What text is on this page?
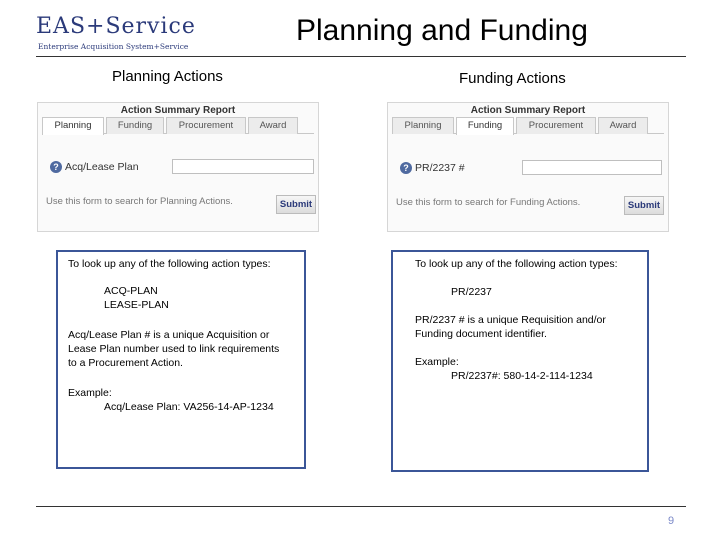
EAS+Service
Enterprise Acquisition System+Service	Planning and Funding
Planning Actions
Action Summary Report
Planning	Funding	Procurement	Award
? Acq/Lease Plan
Use this form to search for Planning Actions.	Submit
To look up any of the following action types:
ACQ-PLAN
LEASE-PLAN
Acq/Lease Plan # is a unique Acquisition or
Lease Plan number used to link requirements
to a Procurement Action.
Example:
Acq/Lease Plan: VA256-14-AP-1234
Funding Actions
Action Summary Report
Planning	Funding	Procurement	Award
? PR/2237 #
Use this form to search for Funding Actions.	Submit
To look up any of the following action types:
PR/2237
PR/2237 # is a unique Requisition and/or
Funding document identifier.
Example:
PR/2237#: 580-14-2-114-1234
9
